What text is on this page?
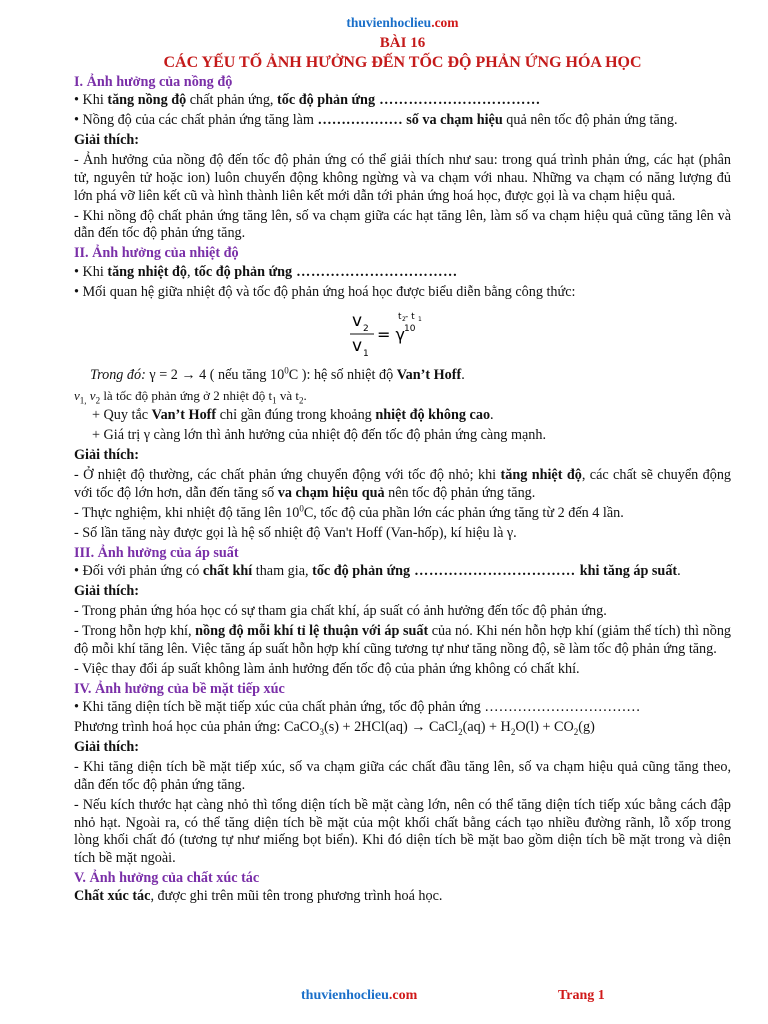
thuvienhoclieu.com
BÀI 16
CÁC YẾU TỐ ẢNH HƯỞNG ĐẾN TỐC ĐỘ PHẢN ỨNG HÓA HỌC
I. Ảnh hưởng của nồng độ

• Khi tăng nồng độ chất phản ứng, tốc độ phản ứng ……………………………

• Nồng độ của các chất phản ứng tăng làm ……………… số va chạm hiệu quả nên tốc độ phản ứng tăng.

Giải thích:

- Ảnh hưởng của nồng độ đến tốc độ phản ứng có thể giải thích như sau: trong quá trình phản ứng, các hạt (phân tử, nguyên tử hoặc ion) luôn chuyển động không ngừng và va chạm với nhau. Những va chạm có năng lượng đủ lớn phá vỡ liên kết cũ và hình thành liên kết mới dẫn tới phản ứng hoá học, được gọi là va chạm hiệu quả.

- Khi nồng độ chất phản ứng tăng lên, số va chạm giữa các hạt tăng lên, làm số va chạm hiệu quả cũng tăng lên và dẫn đến tốc độ phản ứng tăng.

II. Ảnh hưởng của nhiệt độ

• Khi tăng nhiệt độ, tốc độ phản ứng ……………………………

• Mối quan hệ giữa nhiệt độ và tốc độ phản ứng hoá học được biểu diễn bằng công thức:

v 2
v 1
= γ
t 2 - t 1
10

Trong đó: γ = 2 → 4 ( nếu tăng $10^0C$ ): hệ số nhiệt độ Van’t Hoff.

$v_{1,}$ $v_2$ là tốc độ phản ứng ở 2 nhiệt độ $t_1$ và $t_2$.

+ Quy tắc Van’t Hoff chỉ gần đúng trong khoảng nhiệt độ không cao.

+ Giá trị γ càng lớn thì ảnh hưởng của nhiệt độ đến tốc độ phản ứng càng mạnh.

Giải thích:

- Ở nhiệt độ thường, các chất phản ứng chuyển động với tốc độ nhỏ; khi tăng nhiệt độ, các chất sẽ chuyển động với tốc độ lớn hơn, dẫn đến tăng số va chạm hiệu quả nên tốc độ phản ứng tăng.

- Thực nghiệm, khi nhiệt độ tăng lên $10^0C$, tốc độ của phần lớn các phản ứng tăng từ 2 đến 4 lần.

- Số lần tăng này được gọi là hệ số nhiệt độ Van't Hoff (Van-hốp), kí hiệu là γ.

III. Ảnh hưởng của áp suất

• Đối với phản ứng có chất khí tham gia, tốc độ phản ứng …………………………… khi tăng áp suất.

Giải thích:

- Trong phản ứng hóa học có sự tham gia chất khí, áp suất có ảnh hưởng đến tốc độ phản ứng.

- Trong hỗn hợp khí, nồng độ mỗi khí tỉ lệ thuận với áp suất của nó. Khi nén hỗn hợp khí (giảm thể tích) thì nồng độ mỗi khí tăng lên. Việc tăng áp suất hỗn hợp khí cũng tương tự như tăng nồng độ, sẽ làm tốc độ phản ứng tăng.

- Việc thay đổi áp suất không làm ảnh hưởng đến tốc độ của phản ứng không có chất khí.

IV. Ảnh hưởng của bề mặt tiếp xúc

• Khi tăng diện tích bề mặt tiếp xúc của chất phản ứng, tốc độ phản ứng ……………………………

Phương trình hoá học của phản ứng: CaCO$_3$(s) + 2HCl(aq) → CaCl$_2$(aq) + $H_2O(l) + CO_2(g)$

Giải thích:

- Khi tăng diện tích bề mặt tiếp xúc, số va chạm giữa các chất đầu tăng lên, số va chạm hiệu quả cũng tăng theo, dẫn đến tốc độ phản ứng tăng.

- Nếu kích thước hạt càng nhỏ thì tổng diện tích bề mặt càng lớn, nên có thể tăng diện tích tiếp xúc bằng cách đập nhỏ hạt. Ngoài ra, có thể tăng diện tích bề mặt của một khối chất bằng cách tạo nhiều đường rãnh, lỗ xốp trong lòng khối chất đó (tương tự như miếng bọt biển). Khi đó diện tích bề mặt bao gồm diện tích bề mặt trong và diện tích bề mặt ngoài.

V. Ảnh hưởng của chất xúc tác

Chất xúc tác, được ghi trên mũi tên trong phương trình hoá học.

thuvienhoclieu.com	Trang 1
